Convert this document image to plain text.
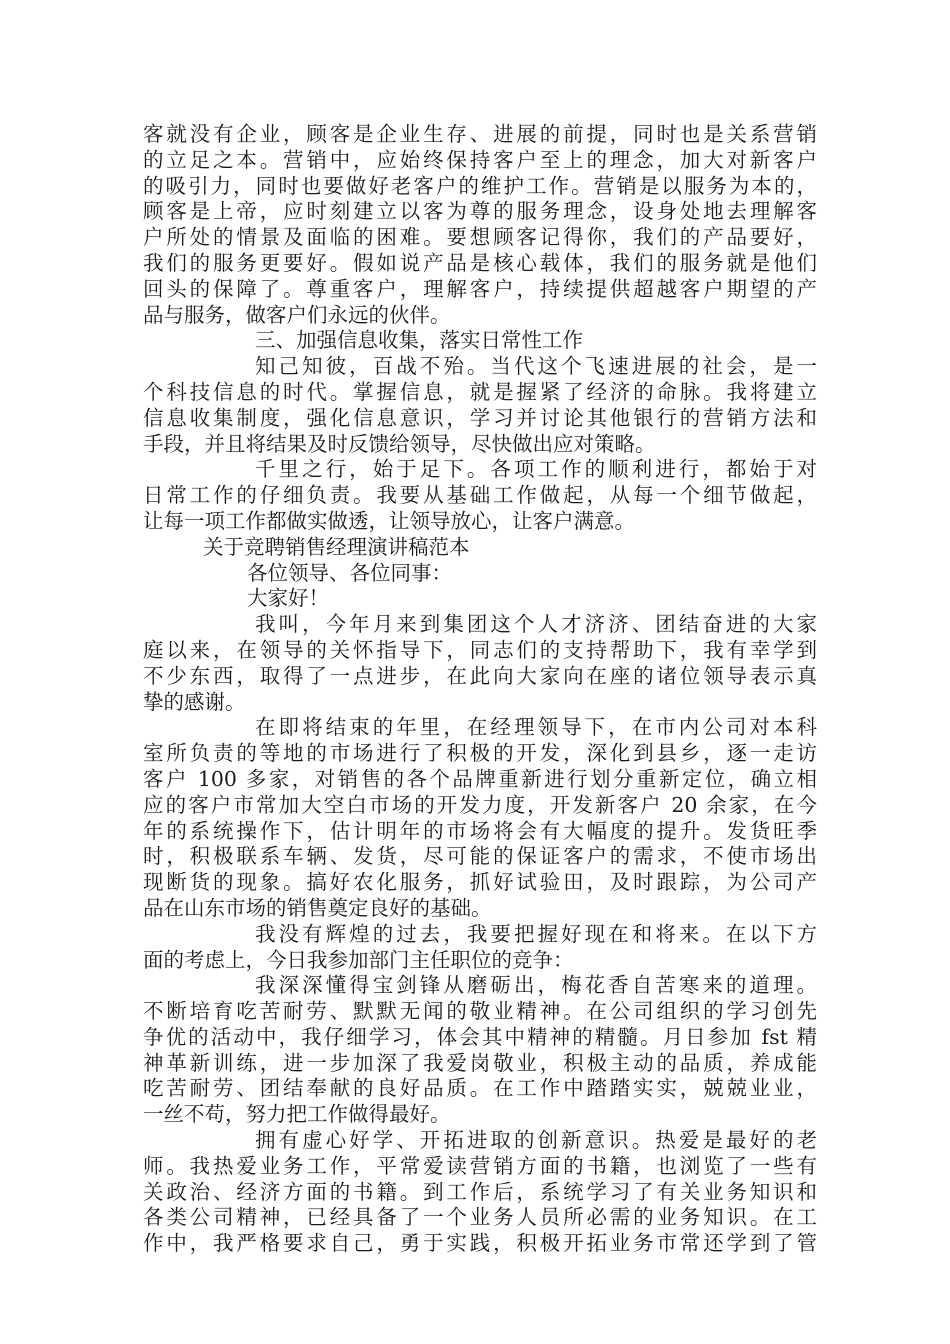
客就没有企业，顾客是企业生存、进展的前提，同时也是关系营销
的立足之本。营销中，应始终保持客户至上的理念，加大对新客户
的吸引力，同时也要做好老客户的维护工作。营销是以服务为本的，
顾客是上帝，应时刻建立以客为尊的服务理念，设身处地去理解客
户所处的情景及面临的困难。要想顾客记得你，我们的产品要好，
我们的服务更要好。假如说产品是核心载体，我们的服务就是他们
回头的保障了。尊重客户，理解客户，持续提供超越客户期望的产
品与服务，做客户们永远的伙伴。
三、加强信息收集，落实日常性工作
知己知彼，百战不殆。当代这个飞速进展的社会，是一
个科技信息的时代。掌握信息，就是握紧了经济的命脉。我将建立
信息收集制度，强化信息意识，学习并讨论其他银行的营销方法和
手段，并且将结果及时反馈给领导，尽快做出应对策略。
千里之行，始于足下。各项工作的顺利进行，都始于对
日常工作的仔细负责。我要从基础工作做起，从每一个细节做起，
让每一项工作都做实做透，让领导放心，让客户满意。
关于竞聘销售经理演讲稿范本
各位领导、各位同事：
大家好！
我叫，今年月来到集团这个人才济济、团结奋进的大家
庭以来，在领导的关怀指导下，同志们的支持帮助下，我有幸学到
不少东西，取得了一点进步，在此向大家向在座的诸位领导表示真
挚的感谢。
在即将结束的年里，在经理领导下，在市内公司对本科
室所负责的等地的市场进行了积极的开发，深化到县乡，逐一走访
客户 100 多家，对销售的各个品牌重新进行划分重新定位，确立相
应的客户市常加大空白市场的开发力度，开发新客户 20 余家，在今
年的系统操作下，估计明年的市场将会有大幅度的提升。发货旺季
时，积极联系车辆、发货，尽可能的保证客户的需求，不使市场出
现断货的现象。搞好农化服务，抓好试验田，及时跟踪，为公司产
品在山东市场的销售奠定良好的基础。
我没有辉煌的过去，我要把握好现在和将来。在以下方
面的考虑上，今日我参加部门主任职位的竞争：
我深深懂得宝剑锋从磨砺出，梅花香自苦寒来的道理。
不断培育吃苦耐劳、默默无闻的敬业精神。在公司组织的学习创先
争优的活动中，我仔细学习，体会其中精神的精髓。月日参加 fst 精
神革新训练，进一步加深了我爱岗敬业，积极主动的品质，养成能
吃苦耐劳、团结奉献的良好品质。在工作中踏踏实实，兢兢业业，
一丝不苟，努力把工作做得最好。
拥有虚心好学、开拓进取的创新意识。热爱是最好的老
师。我热爱业务工作，平常爱读营销方面的书籍，也浏览了一些有
关政治、经济方面的书籍。到工作后，系统学习了有关业务知识和
各类公司精神，已经具备了一个业务人员所必需的业务知识。在工
作中，我严格要求自己，勇于实践，积极开拓业务市常还学到了管
